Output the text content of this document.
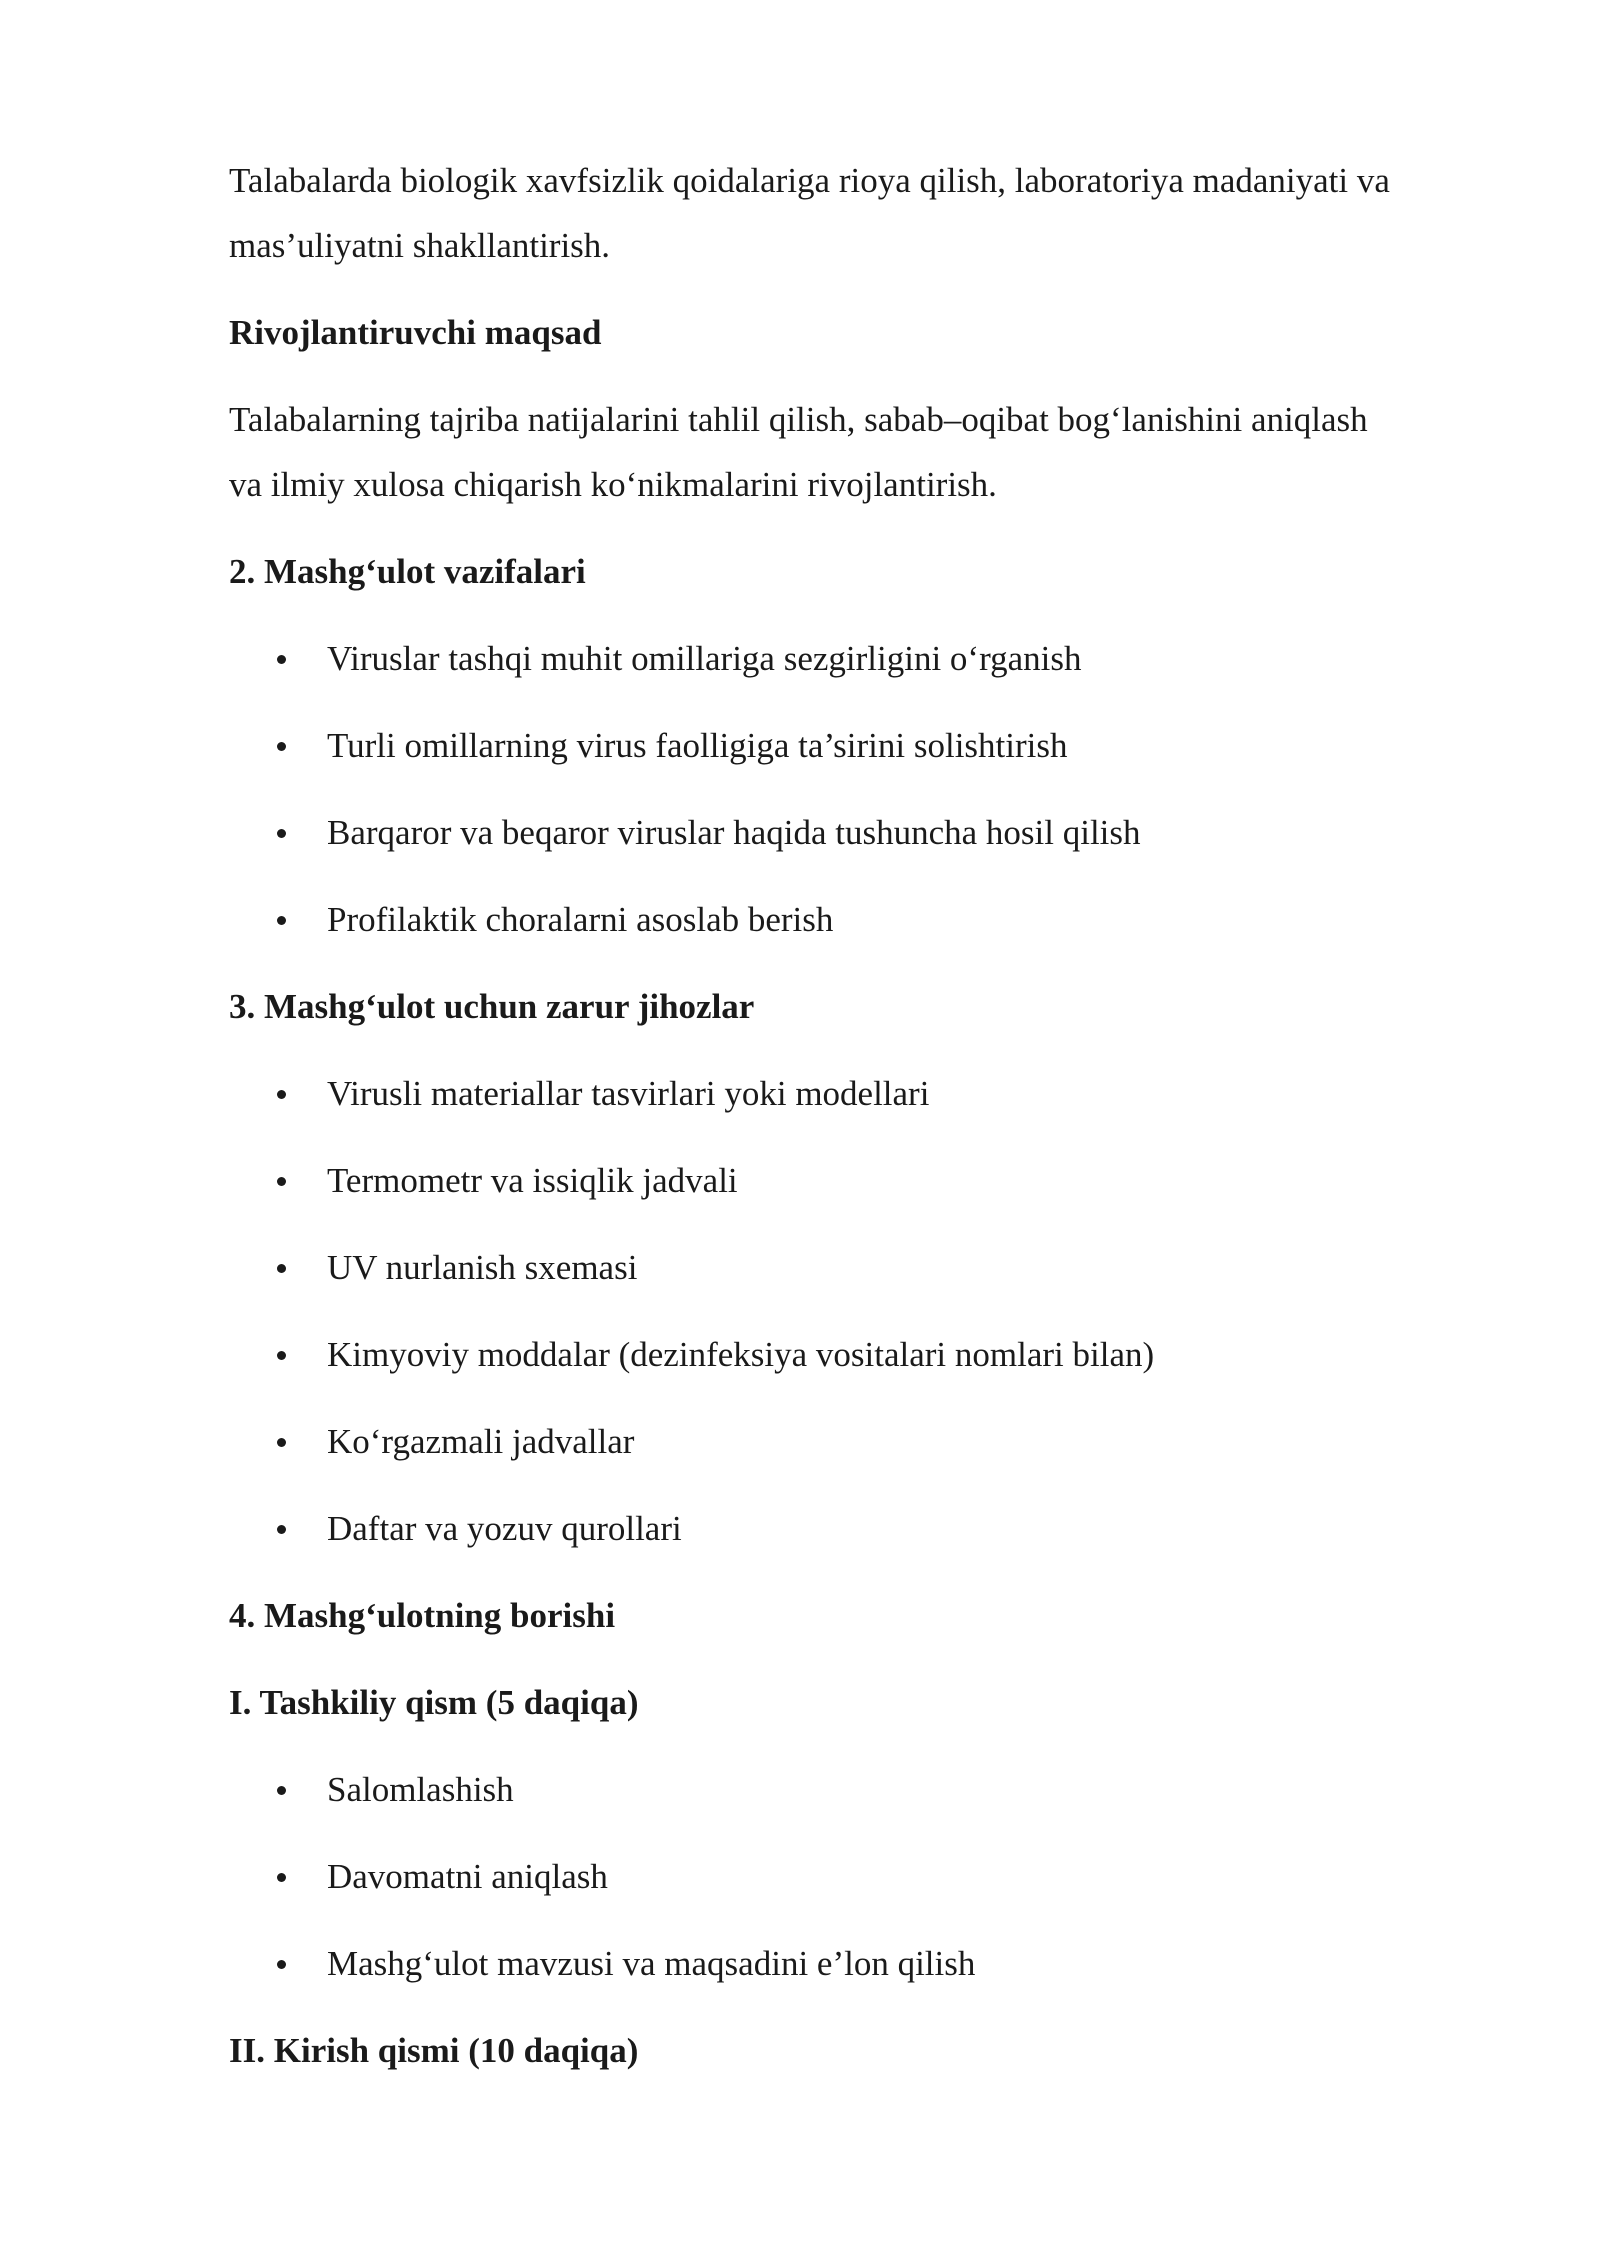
Talabalarda biologik xavfsizlik qoidalariga rioya qilish, laboratoriya madaniyati va
mas’uliyatni shakllantirish.

Rivojlantiruvchi maqsad

Talabalarning tajriba natijalarini tahlil qilish, sabab–oqibat bog‘lanishini aniqlash
va ilmiy xulosa chiqarish ko‘nikmalarini rivojlantirish.

2. Mashg‘ulot vazifalari
Viruslar tashqi muhit omillariga sezgirligini o‘rganish
Turli omillarning virus faolligiga ta’sirini solishtirish
Barqaror va beqaror viruslar haqida tushuncha hosil qilish
Profilaktik choralarni asoslab berish
3. Mashg‘ulot uchun zarur jihozlar
Virusli materiallar tasvirlari yoki modellari
Termometr va issiqlik jadvali
UV nurlanish sxemasi
Kimyoviy moddalar (dezinfeksiya vositalari nomlari bilan)
Ko‘rgazmali jadvallar
Daftar va yozuv qurollari
4. Mashg‘ulotning borishi
I. Tashkiliy qism (5 daqiqa)
Salomlashish
Davomatni aniqlash
Mashg‘ulot mavzusi va maqsadini e’lon qilish
II. Kirish qismi (10 daqiqa)
